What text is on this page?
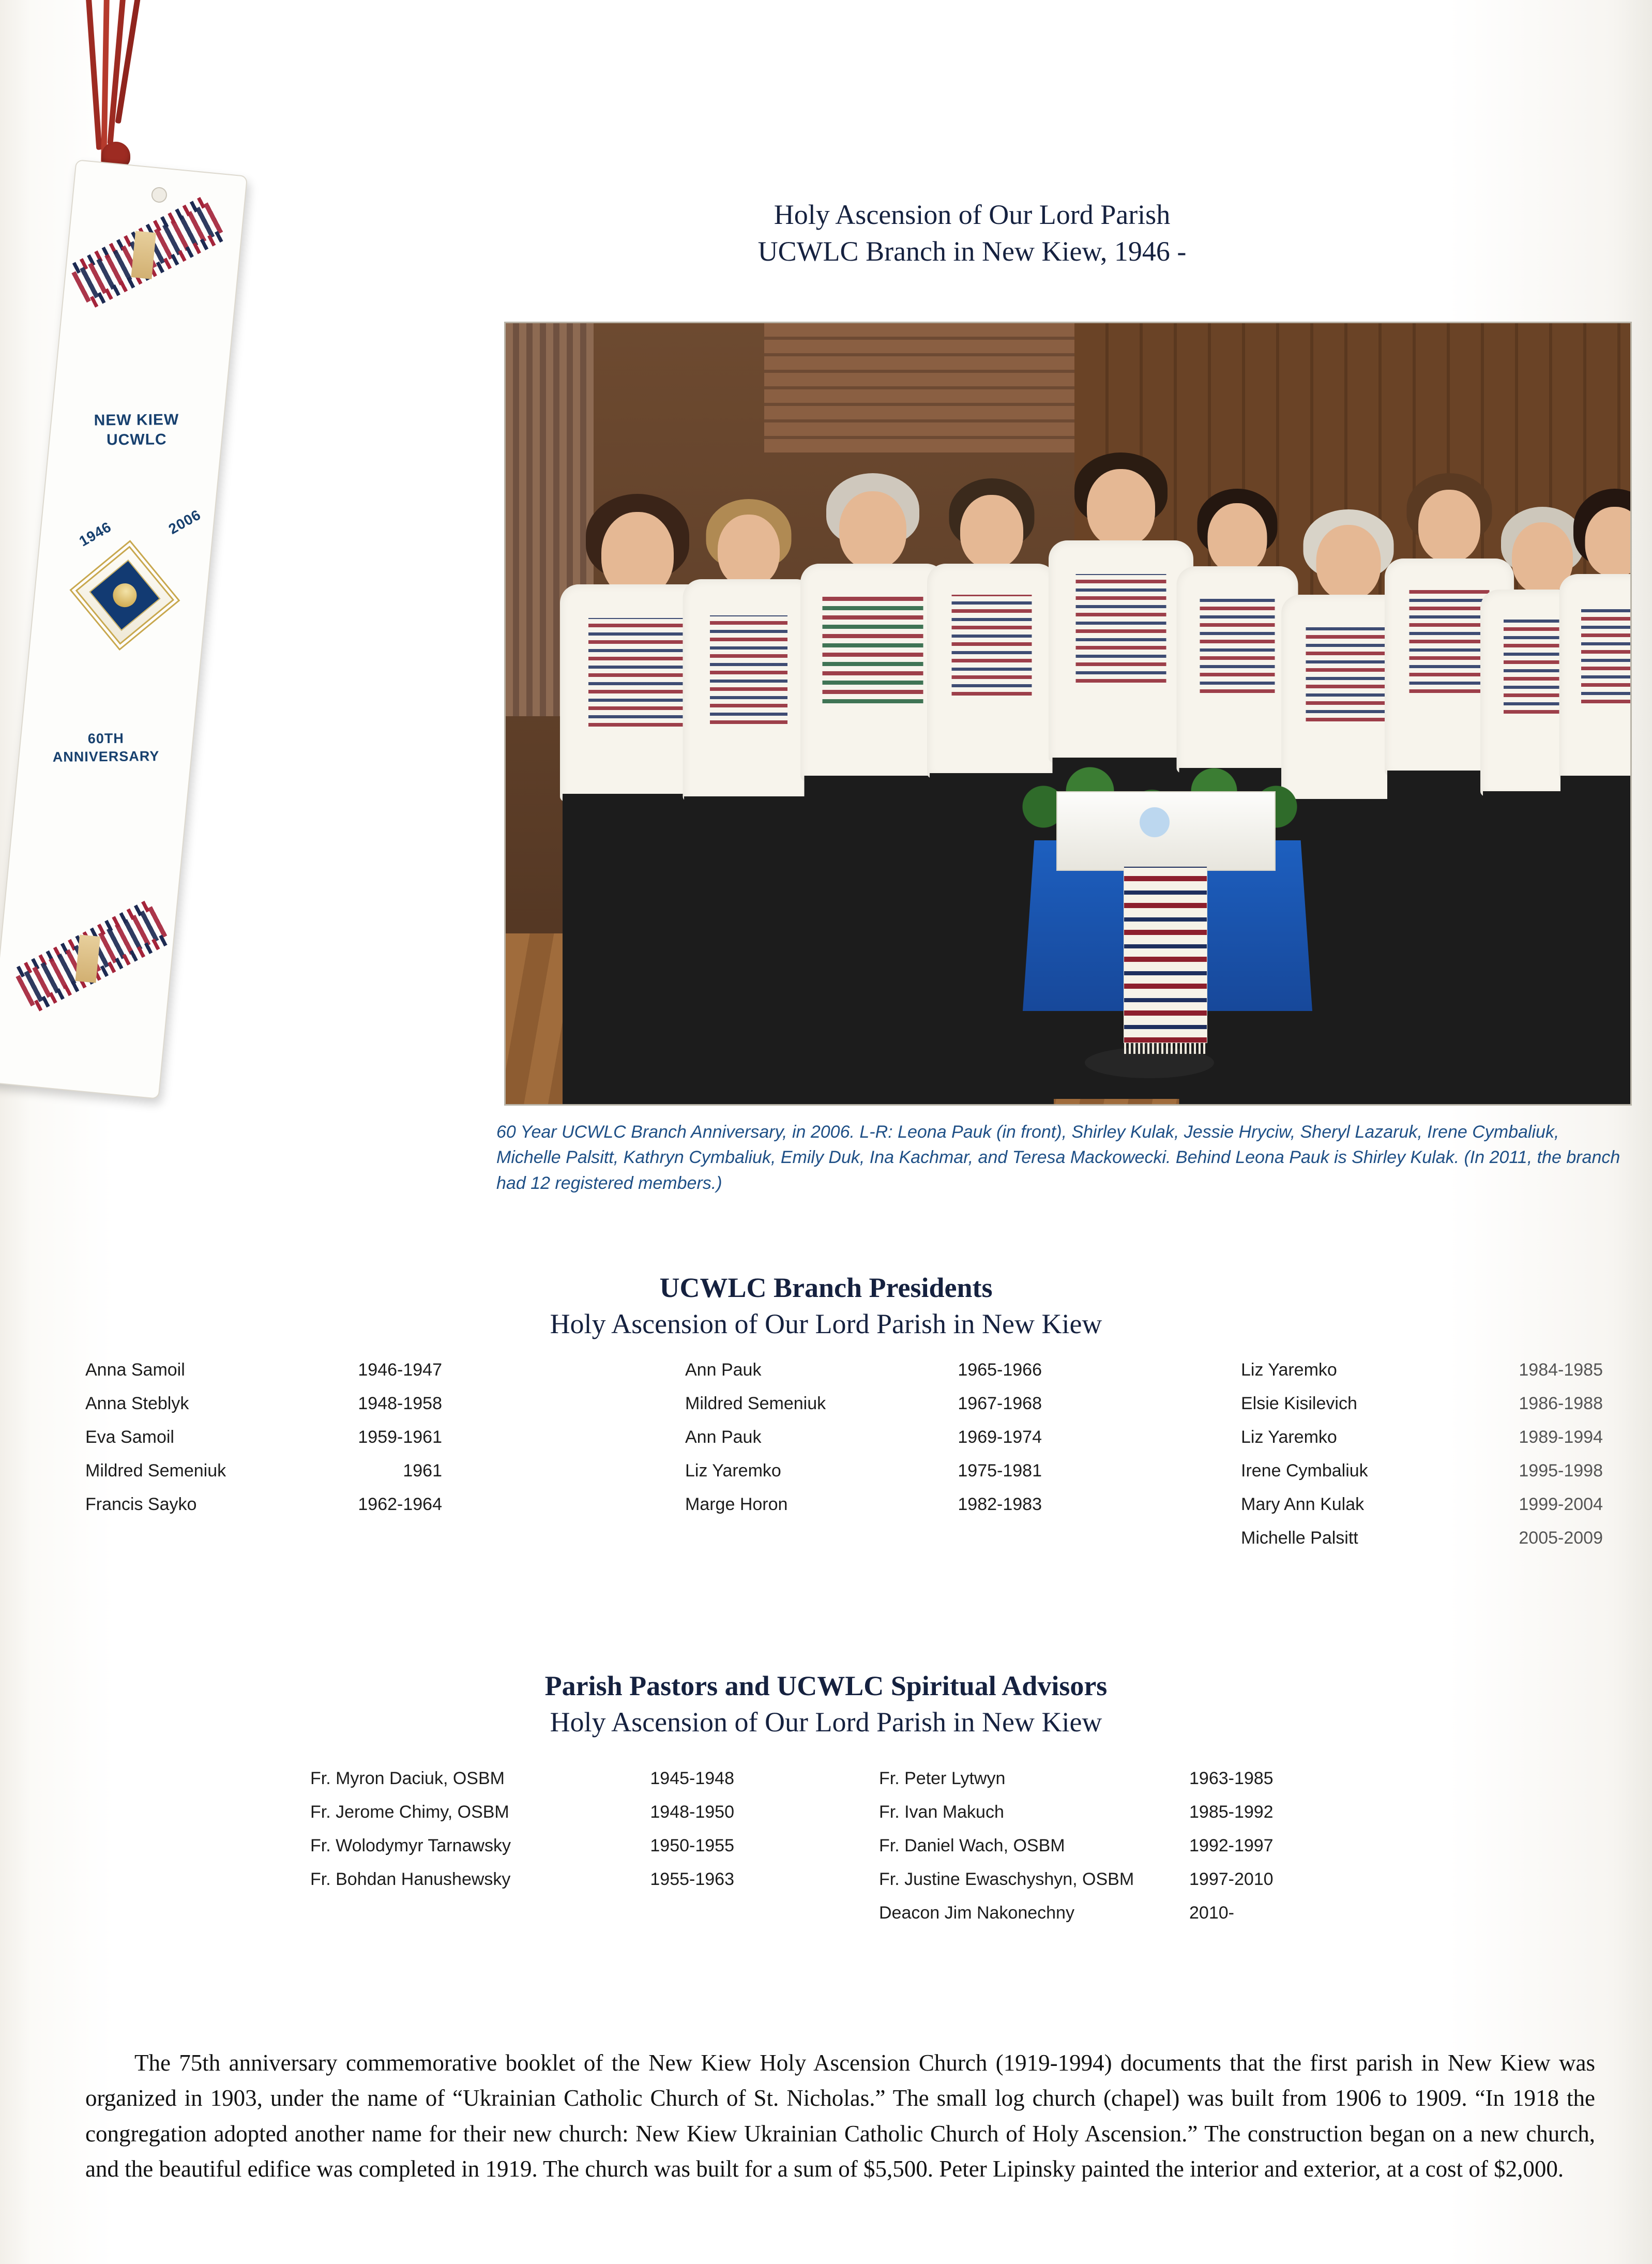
NEW KIEW
UCWLC
1946	2006
60TH
ANNIVERSARY
Holy Ascension of Our Lord Parish
UCWLC Branch in New Kiew, 1946 -
60 Year UCWLC Branch Anniversary, in 2006. L-R: Leona Pauk (in front), Shirley Kulak, Jessie Hryciw, Sheryl Lazaruk, Irene Cymbaliuk, Michelle Palsitt, Kathryn Cymbaliuk, Emily Duk, Ina Kachmar, and Teresa Mackowecki. Behind Leona Pauk is Shirley Kulak. (In 2011, the branch had 12 registered members.)
UCWLC Branch Presidents
Holy Ascension of Our Lord Parish in New Kiew
Anna Samoil	1946-1947
Anna Steblyk	1948-1958
Eva Samoil	1959-1961
Mildred Semeniuk	1961
Francis Sayko	1962-1964
Ann Pauk	1965-1966
Mildred Semeniuk	1967-1968
Ann Pauk	1969-1974
Liz Yaremko	1975-1981
Marge Horon	1982-1983
Liz Yaremko	1984-1985
Elsie Kisilevich	1986-1988
Liz Yaremko	1989-1994
Irene Cymbaliuk	1995-1998
Mary Ann Kulak	1999-2004
Michelle Palsitt	2005-2009
Parish Pastors and UCWLC Spiritual Advisors
Holy Ascension of Our Lord Parish in New Kiew
Fr. Myron Daciuk, OSBM	1945-1948
Fr. Jerome Chimy, OSBM	1948-1950
Fr. Wolodymyr Tarnawsky	1950-1955
Fr. Bohdan Hanushewsky	1955-1963
Fr. Peter Lytwyn	1963-1985
Fr. Ivan Makuch	1985-1992
Fr. Daniel Wach, OSBM	1992-1997
Fr. Justine Ewaschyshyn, OSBM	1997-2010
Deacon Jim Nakonechny	2010-

The 75th anniversary commemorative booklet of the New Kiew Holy Ascension Church (1919-1994) documents that the first parish in New Kiew was organized in 1903, under the name of “Ukrainian Catholic Church of St. Nicholas.” The small log church (chapel) was built from 1906 to 1909. “In 1918 the congregation adopted another name for their new church: New Kiew Ukrainian Catholic Church of Holy Ascension.” The construction began on a new church, and the beautiful edifice was completed in 1919. The church was built for a sum of $5,500. Peter Lipinsky painted the interior and exterior, at a cost of $2,000.
